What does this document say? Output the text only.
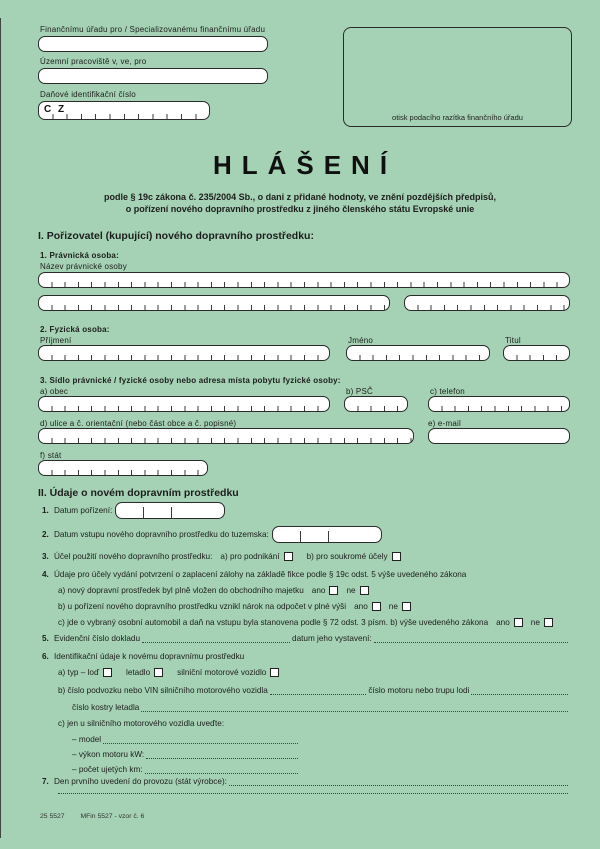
Finančnímu úřadu pro / Specializovanému finančnímu úřadu
Územní pracoviště v, ve, pro
Daňové identifikační číslo
C Z
otisk podacího razítka finančního úřadu
HLÁŠENÍ
podle § 19c zákona č. 235/2004 Sb., o dani z přidané hodnoty, ve znění pozdějších předpisů,
o pořízení nového dopravního prostředku z jiného členského státu Evropské unie
I. Pořizovatel (kupující) nového dopravního prostředku:
1. Právnická osoba:
Název právnické osoby
2. Fyzická osoba:
Příjmení	Jméno	Titul
3. Sídlo právnické / fyzické osoby nebo adresa místa pobytu fyzické osoby:
a) obec	b) PSČ	c) telefon
d) ulice a č. orientační (nebo část obce a č. popisné)	e) e-mail
f) stát
II. Údaje o novém dopravním prostředku
1. Datum pořízení:
2. Datum vstupu nového dopravního prostředku do tuzemska:
3. Účel použití nového dopravního prostředku: a) pro podnikání	b) pro soukromé účely
4. Údaje pro účely vydání potvrzení o zaplacení zálohy na základě fikce podle § 19c odst. 5 výše uvedeného zákona
a) nový dopravní prostředek byl plně vložen do obchodního majetku ano	ne
b) u pořízení nového dopravního prostředku vznikl nárok na odpočet v plné výši ano	ne
c) jde o vybraný osobní automobil a daň na vstupu byla stanovena podle § 72 odst. 3 písm. b) výše uvedeného zákona ano	ne
5. Evidenční číslo dokladu	datum jeho vystavení:
6. Identifikační údaje k novému dopravnímu prostředku
a) typ – loď	letadlo	silniční motorové vozidlo
b) číslo podvozku nebo VIN silničního motorového vozidla	číslo motoru nebo trupu lodi
číslo kostry letadla
c) jen u silničního motorového vozidla uveďte:
– model
– výkon motoru kW:
– počet ujetých km:
7. Den prvního uvedení do provozu (stát výrobce):
25 5527 MFin 5527 - vzor č. 6
